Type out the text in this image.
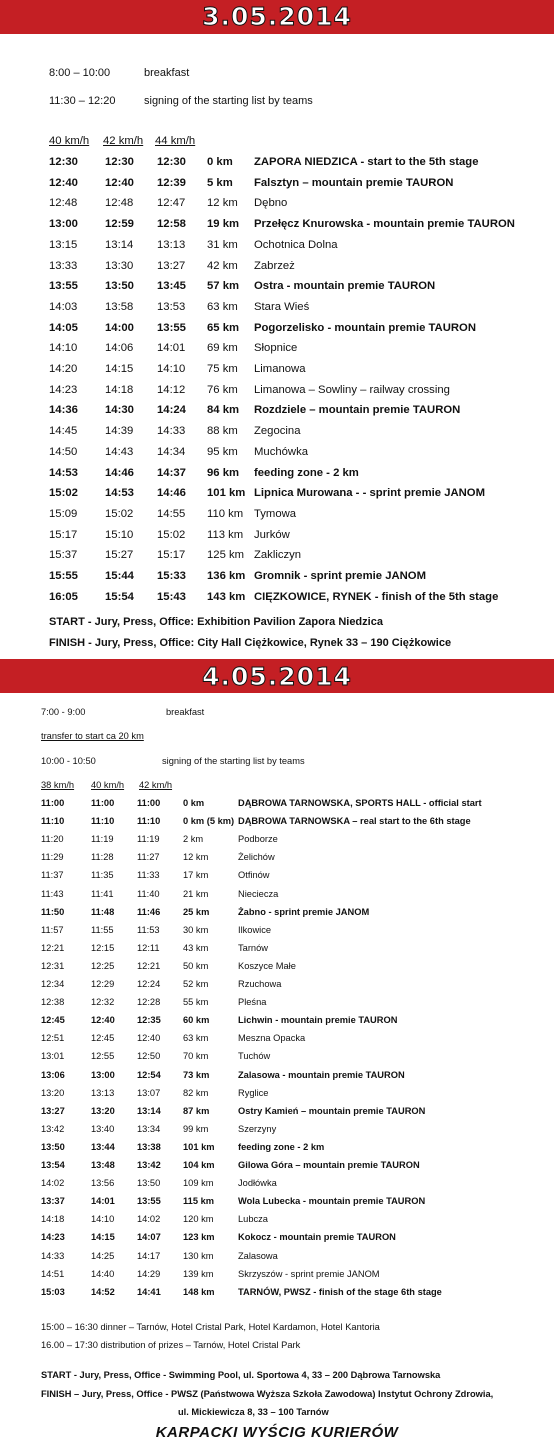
3.05.2014
8:00 – 10:00	breakfast
11:30 – 12:20	signing of the starting list by teams
40 km/h 42 km/h 44 km/h
12:30 12:30 12:30 0 km ZAPORA NIEDZICA - start to the 5th stage
12:40 12:40 12:39 5 km Falsztyn – mountain premie TAURON
12:48 12:48 12:47 12 km Dębno
13:00 12:59 12:58 19 km Przełęcz Knurowska - mountain premie TAURON
13:15 13:14 13:13 31 km Ochotnica Dolna
13:33 13:30 13:27 42 km Zabrzeż
13:55 13:50 13:45 57 km Ostra - mountain premie TAURON
14:03 13:58 13:53 63 km Stara Wieś
14:05 14:00 13:55 65 km Pogorzelisko - mountain premie TAURON
14:10 14:06 14:01 69 km Słopnice
14:20 14:15 14:10 75 km Limanowa
14:23 14:18 14:12 76 km Limanowa – Sowliny – railway crossing
14:36 14:30 14:24 84 km Rozdziele – mountain premie TAURON
14:45 14:39 14:33 88 km Zegocina
14:50 14:43 14:34 95 km Muchówka
14:53 14:46 14:37 96 km feeding zone - 2 km
15:02 14:53 14:46 101 km Lipnica Murowana - - sprint premie JANOM
15:09 15:02 14:55 110 km Tymowa
15:17 15:10 15:02 113 km Jurków
15:37 15:27 15:17 125 km Zakliczyn
15:55 15:44 15:33 136 km Gromnik - sprint premie JANOM
16:05 15:54 15:43 143 km CIĘZKOWICE, RYNEK - finish of the 5th stage
START - Jury, Press, Office: Exhibition Pavilion Zapora Niedzica
FINISH - Jury, Press, Office: City Hall Ciężkowice, Rynek 33 – 190 Ciężkowice
4.05.2014
7:00 - 9:00	breakfast
transfer to start ca 20 km
10:00 - 10:50	signing of the starting list by teams
38 km/h 40 km/h 42 km/h
11:00	11:00 11:00 0 km	DĄBROWA TARNOWSKA, SPORTS HALL - official start
11:10	11:10 11:10 0 km (5 km) DĄBROWA TARNOWSKA – real start to the 6th stage
11:20	11:19	11:19	2 km	Podborze
11:29	11:28	11:27	12 km	Żelichów
11:37	11:35	11:33	17 km	Otfinów
11:43	11:41	11:40	21 km	Nieciecza
11:50	11:48 11:46 25 km	Żabno - sprint premie JANOM
11:57	11:55	11:53	30 km	Ilkowice
12:21	12:15 12:11	43 km	Tarnów
12:31	12:25 12:21 50 km	Koszyce Małe
12:34	12:29 12:24 52 km	Rzuchowa
12:38	12:32 12:28 55 km	Pleśna
12:45	12:40 12:35 60 km	Lichwin - mountain premie TAURON
12:51	12:45 12:40 63 km	Meszna Opacka
13:01	12:55 12:50 70 km	Tuchów
13:06	13:00 12:54 73 km	Zalasowa - mountain premie TAURON
13:20	13:13 13:07 82 km	Ryglice
13:27	13:20 13:14 87 km	Ostry Kamień – mountain premie TAURON
13:42	13:40 13:34 99 km	Szerzyny
13:50	13:44 13:38 101 km	feeding zone - 2 km
13:54	13:48 13:42 104 km	Gilowa Góra – mountain premie TAURON
14:02	13:56 13:50 109 km	Jodłówka
13:37	14:01 13:55 115 km	Wola Lubecka - mountain premie TAURON
14:18	14:10 14:02 120 km	Lubcza
14:23	14:15 14:07 123 km	Kokocz - mountain premie TAURON
14:33	14:25 14:17 130 km	Zalasowa
14:51	14:40 14:29 139 km	Skrzyszów - sprint premie JANOM
15:03	14:52 14:41 148 km	TARNÓW, PWSZ - finish of the stage 6th stage
15:00 – 16:30 dinner – Tarnów, Hotel Cristal Park, Hotel Kardamon, Hotel Kantoria
16.00 – 17:30 distribution of prizes – Tarnów, Hotel Cristal Park
START - Jury, Press, Office - Swimming Pool, ul. Sportowa 4, 33 – 200 Dąbrowa Tarnowska
FINISH – Jury, Press, Office - PWSZ (Państwowa Wyższa Szkoła Zawodowa) Instytut Ochrony Zdrowia,
ul. Mickiewicza 8, 33 – 100 Tarnów
KARPACKI WYŚCIG KURIERÓW
